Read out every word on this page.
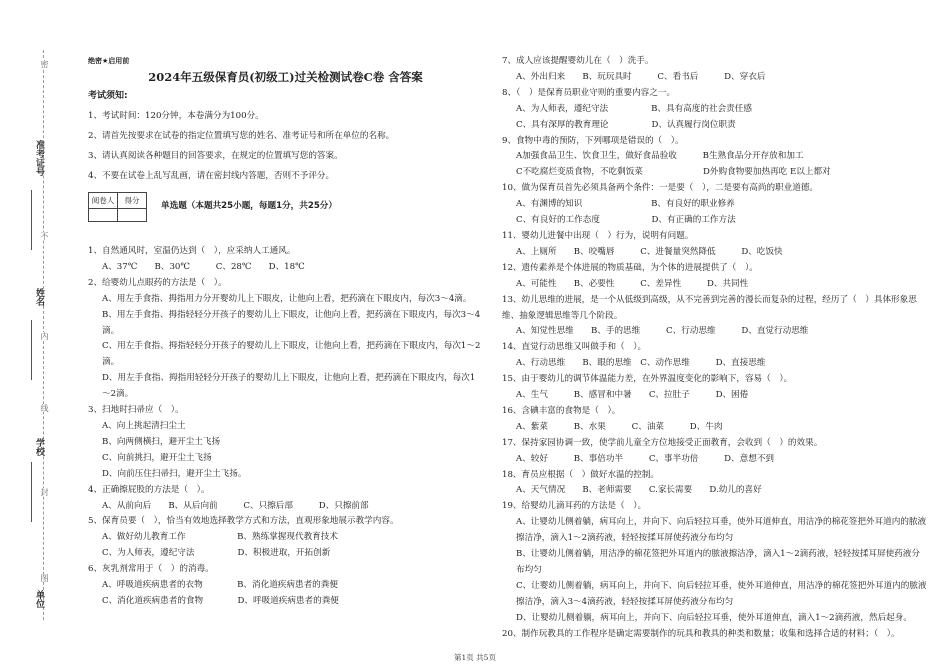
准考证号
姓名
学校
单位
密
不
内
线
封
图
绝密★启用前
2024年五级保育员(初级工)过关检测试卷C卷 含答案
考试须知:
1、考试时间：120分钟，本卷满分为100分。
2、请首先按要求在试卷的指定位置填写您的姓名、准考证号和所在单位的名称。
3、请认真阅读各种题目的回答要求，在规定的位置填写您的答案。
4、不要在试卷上乱写乱画，请在密封线内答题，否则不予评分。
阅卷人	得分

单选题（本题共25小题，每题1分，共25分）
1、自然通风时，室温仍达到（　），应采纳人工通风。
A、37℃　　B、30℃　　　C、28℃　　D、18℃
2、给婴幼儿点眼药的方法是（　）。
A、用左手食指、拇指用力分开婴幼儿上下眼皮，让他向上看，把药滴在下眼皮内，每次3～4滴。
B、用左手食指、拇指轻轻分开孩子的婴幼儿上下眼皮，让他向上看，把药滴在下眼皮内，每次3～4滴。
C、用左手食指、拇指轻轻分开孩子的婴幼儿上下眼皮，让他向上看，把药滴在下眼皮内，每次1～2滴。
D、用左手食指、拇指用轻轻分开孩子的婴幼儿上下眼皮，让他向上看，把药滴在下眼皮内，每次1～2滴。
3、扫地时扫帚应（　）。
A、向上挑起清扫尘土
B、向两侧横扫，避开尘土飞扬
C、向前挑扫，避开尘土飞扬
D、向前压住扫帚扫，避开尘土飞扬。
4、正确擦屁股的方法是（　）。
A、从前向后　　B、从后向前　　　C、只擦后部　　　D、只擦前部
5、保育员要（　），恰当有效地选择教学方式和方法，直观形象地展示教学内容。
A、做好幼儿教育工作　　　　　　B、熟练掌握现代教育技术
C、为人师表，遵纪守法　　　　　D、积极进取，开拓创新
6、灰乳剂常用于（　）的消毒。
A、呼吸道疾病患者的衣物　　　　B、消化道疾病患者的粪便
C、消化道疾病患者的食物　　　　D、呼吸道疾病患者的粪便
7、成人应该提醒婴幼儿在（　）洗手。
A、外出归来　　B、玩玩具时　　　C、看书后　　　D、穿衣后
8、（　）是保育员职业守则的重要内容之一。
A、为人师表，遵纪守法　　　　　B、具有高度的社会责任感
C、具有深厚的教育理论　　　　　D、认真履行岗位职责
9、食物中毒的预防，下列哪项是错误的（　）。
A加强食品卫生、饮食卫生，做好食品验收　　　B生熟食品分开存放和加工
C不吃腐烂变质食物，不吃剩饭菜　　　　　　　D外购食物要加热再吃 E以上都对
10、做为保育员首先必须具备两个条件：一是要（　），二是要有高尚的职业道德。
A、有渊博的知识　　　　　　　　B、有良好的职业修养
C、有良好的工作态度　　　　　　D、有正确的工作方法
11、婴幼儿进餐中出现（　）行为，说明有问题。
A、上厕所　　B、咬嘴唇　　　C、进餐量突然降低　　　D、吃饭快
12、遗传素养是个体进展的物质基础，为个体的进展提供了（　）。
A、可能性　　B、必要性　　　C、差异性　　　D、共同性
13、幼儿思维的进展，是一个从低级到高级，从不完善到完善的漫长而复杂的过程，经历了（　）具体形象思维、抽象逻辑思维等几个阶段。
A、知觉性思维　　B、手的思维　　　C、行动思维　　　D、直觉行动思维
14、直觉行动思维又叫做手和（　）。
A、行动思维　　B、眼的思维　C、动作思维　　　D、直接思维
15、由于婴幼儿的调节体温能力差，在外界温度变化的影响下，容易（　）。
A、生气　　　B、感冒和中暑　　C、拉肚子　　　D、困倦
16、含碘丰富的食物是（　）。
A、紫菜　　　B、水果　　　C、油菜　　　D、牛肉
17、保持家园协调一致，使学前儿童全方位地接受正面教育，会收到（　）的效果。
A、较好　　　B、事倍功半　　　C、事半功倍　　　D、意想不到
18、育员应根据（　）做好水温的控制。
A、天气情况　　B、老师需要　　C.家长需要　　D.幼儿的喜好
19、给婴幼儿滴耳药的方法是（　）。
A、让婴幼儿侧着躺，病耳向上，并向下、向后轻拉耳垂，使外耳道伸直，用洁净的棉花签把外耳道内的脓液擦洁净，滴入1～2滴药液，轻轻按揉耳屏使药液分布均匀
B、让婴幼儿侧着躺，用洁净的棉花签把外耳道内的脓液擦洁净，滴入1～2滴药液，轻轻按揉耳屏使药液分布均匀
C、让婴幼儿侧着躺，病耳向上，并向下、向后轻拉耳垂，使外耳道伸直，用洁净的棉花签把外耳道内的脓液擦洁净，滴入3～4滴药液，轻轻按揉耳屏使药液分布均匀
D、让婴幼儿侧着躺，病耳向上，并向下、向后轻拉耳垂，使外耳道伸直，滴入1～2滴药液，然后起身。
20、制作玩教具的工作程序是确定需要制作的玩具和教具的种类和数量；收集和选择合适的材料；（　）。
第1页 共5页
